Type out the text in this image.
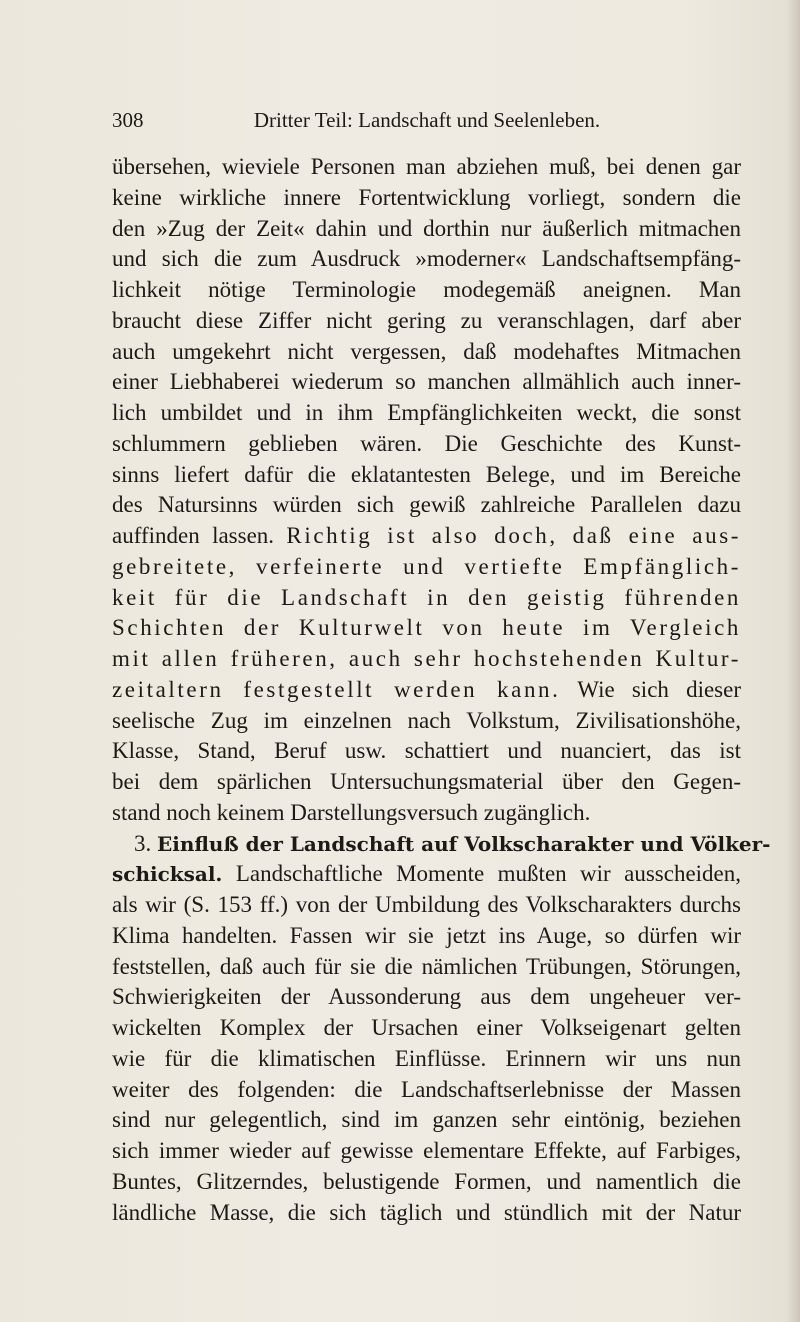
308	Dritter Teil: Landschaft und Seelenleben.
übersehen, wieviele Personen man abziehen muß, bei denen gar
keine wirkliche innere Fortentwicklung vorliegt, sondern die
den »Zug der Zeit« dahin und dorthin nur äußerlich mitmachen
und sich die zum Ausdruck »moderner« Landschaftsempfäng-
lichkeit nötige Terminologie modegemäß aneignen. Man
braucht diese Ziffer nicht gering zu veranschlagen, darf aber
auch umgekehrt nicht vergessen, daß modehaftes Mitmachen
einer Liebhaberei wiederum so manchen allmählich auch inner-
lich umbildet und in ihm Empfänglichkeiten weckt, die sonst
schlummern geblieben wären. Die Geschichte des Kunst-
sinns liefert dafür die eklatantesten Belege, und im Bereiche
des Natursinns würden sich gewiß zahlreiche Parallelen dazu
auffinden lassen. Richtig ist also doch, daß eine aus-
gebreitete, verfeinerte und vertiefte Empfänglich-
keit für die Landschaft in den geistig führenden
Schichten der Kulturwelt von heute im Vergleich
mit allen früheren, auch sehr hochstehenden Kultur-
zeitaltern festgestellt werden kann. Wie sich dieser
seelische Zug im einzelnen nach Volkstum, Zivilisationshöhe,
Klasse, Stand, Beruf usw. schattiert und nuanciert, das ist
bei dem spärlichen Untersuchungsmaterial über den Gegen-
stand noch keinem Darstellungsversuch zugänglich.
3. Einfluß der Landschaft auf Volkscharakter und Völker-
schicksal. Landschaftliche Momente mußten wir ausscheiden,
als wir (S. 153 ff.) von der Umbildung des Volkscharakters durchs
Klima handelten. Fassen wir sie jetzt ins Auge, so dürfen wir
feststellen, daß auch für sie die nämlichen Trübungen, Störungen,
Schwierigkeiten der Aussonderung aus dem ungeheuer ver-
wickelten Komplex der Ursachen einer Volkseigenart gelten
wie für die klimatischen Einflüsse. Erinnern wir uns nun
weiter des folgenden: die Landschaftserlebnisse der Massen
sind nur gelegentlich, sind im ganzen sehr eintönig, beziehen
sich immer wieder auf gewisse elementare Effekte, auf Farbiges,
Buntes, Glitzerndes, belustigende Formen, und namentlich die
ländliche Masse, die sich täglich und stündlich mit der Natur
